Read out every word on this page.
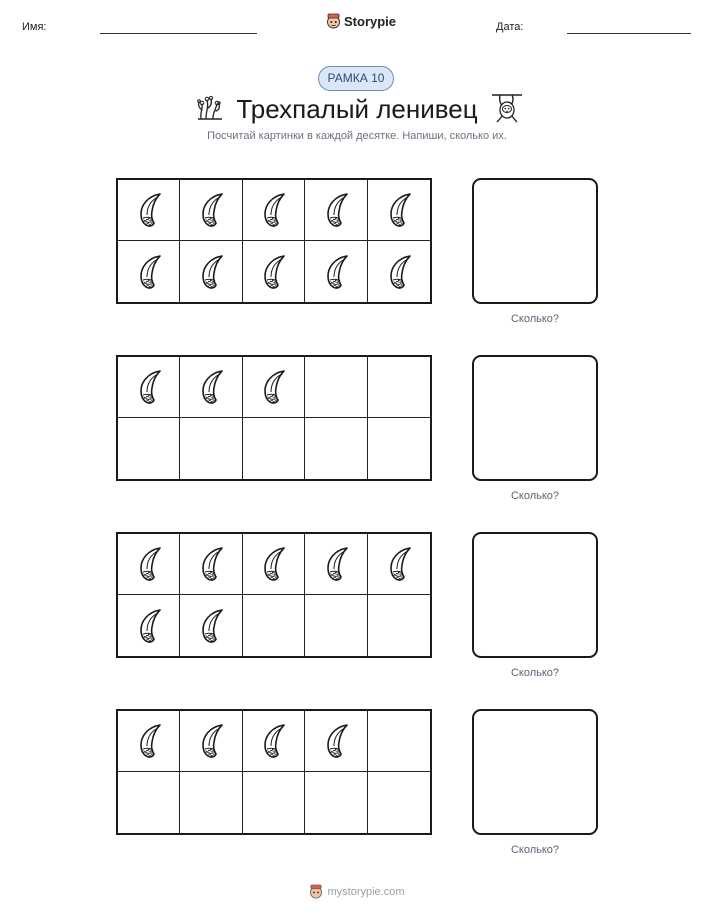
Имя:	Storypie	Дата:
РАМКА 10
Трехпалый ленивец
Посчитай картинки в каждой десятке. Напиши, сколько их.
Сколько?
Сколько?
Сколько?
Сколько?
mystorypie.com
